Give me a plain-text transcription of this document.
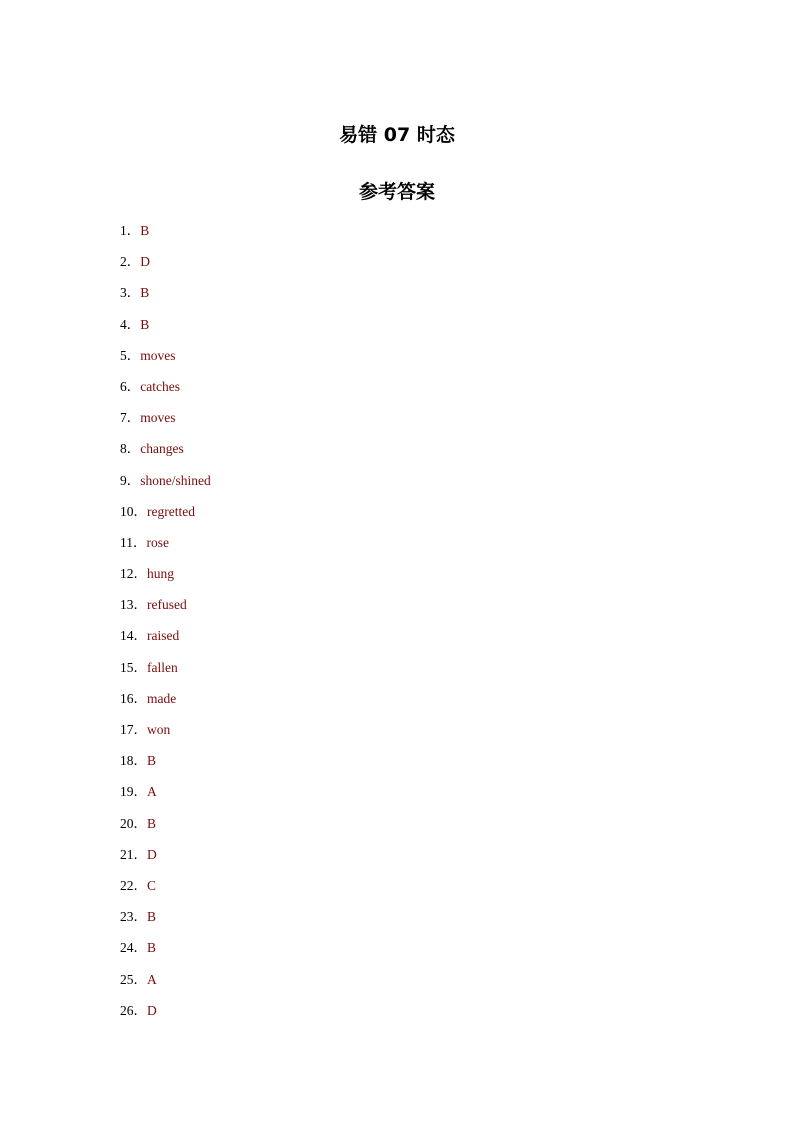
易错 07 时态
参考答案
1．B
2．D
3．B
4．B
5．moves
6．catches
7．moves
8．changes
9．shone/shined
10．regretted
11．rose
12．hung
13．refused
14．raised
15．fallen
16．made
17．won
18．B
19．A
20．B
21．D
22．C
23．B
24．B
25．A
26．D
